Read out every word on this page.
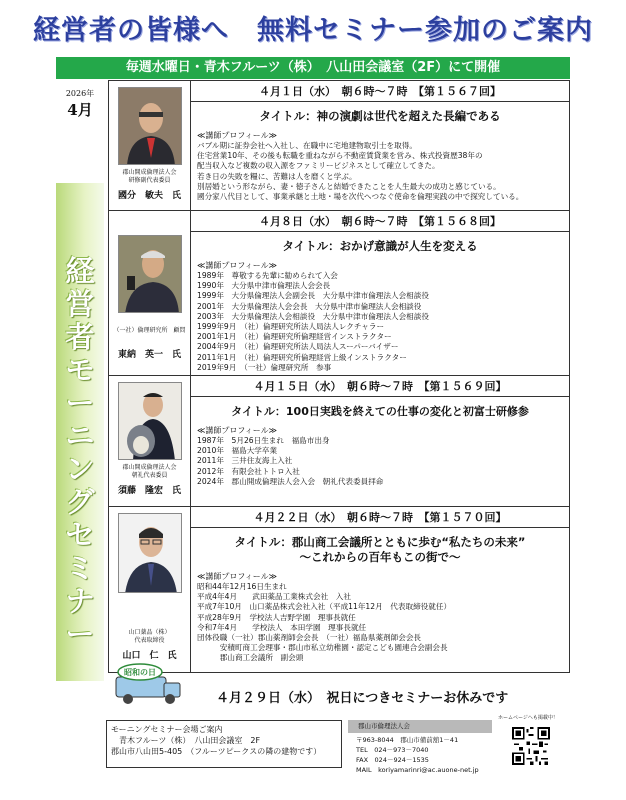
経営者の皆様へ　無料セミナー参加のご案内
毎週水曜日・青木フルーツ（株）　八山田会議室（2F）にて開催
2026年
4月
経
営
者
モ
ー
ニ
ン
グ
セ
ミ
ナ
ー
郡山開成倫理法人会
研修副代表委員
國分　敏夫　氏
４月１日（水）　朝６時～７時　【第１５６７回】
タイトル：神の演劇は世代を超えた長編である
≪講師プロフィール≫
バブル期に証券会社へ入社し、在職中に宅地建物取引士を取得。
住宅営業10年、その後も転職を重ねながら不動産賃貸業を営み、株式投資歴38年の
配当収入など複数の収入源をファミリービジネスとして確立してきた。
若き日の失敗を糧に、苦難は人を磨くと学ぶ。
別居婚という形ながら、妻・徳子さんと結婚できたことを人生最大の成功と感じている。
國分家八代目として、事業承継と土地・場を次代へつなぐ使命を倫理実践の中で探究している。
（一社）倫理研究所　顧問
東納　英一　氏
４月８日（水）　朝６時～７時　【第１５６８回】
タイトル：おかげ意識が人生を変える
≪講師プロフィール≫
1989年　尊敬する先輩に勧められて入会
1990年　大分県中津市倫理法人会会長
1999年　大分県倫理法人会副会長　大分県中津市倫理法人会相談役
2001年　大分県倫理法人会会長　大分県中津市倫理法人会相談役
2003年　大分県倫理法人会相談役　大分県中津市倫理法人会相談役
1999年9月　（社）倫理研究所法人局法人レクチャラー
2001年1月　（社）倫理研究所倫理経営インストラクター
2004年9月　（社）倫理研究所法人局法人スーパーバイザー
2011年1月　（社）倫理研究所倫理経営上級インストラクター
2019年9月　（一社）倫理研究所　参事
郡山開成倫理法人会
朝礼代表委員
須藤　隆宏　氏
４月１５日（水）　朝６時～７時　【第１５６９回】
タイトル：100日実践を終えての仕事の変化と初富士研修参
≪講師プロフィール≫
1987年　5月26日生まれ　福島市出身
2010年　福島大学卒業
2011年　三井住友海上入社
2012年　有限会社トトロ入社
2024年　郡山開成倫理法人会入会　朝礼代表委員拝命
山口薬品（株）
代表取締役
山口　仁　氏
４月２２日（水）　朝６時～７時　【第１５７０回】
タイトル：郡山商工会議所とともに歩む“私たちの未来”
～これからの百年もこの街で～
≪講師プロフィール≫
昭和44年12月16日生まれ
平成4年4月　　武田薬品工業株式会社　入社
平成7年10月　山口薬品株式会社入社（平成11年12月　代表取締役就任）
平成28年9月　学校法人吉野学園　理事長就任
令和7年4月　　学校法人　本田学園　理事長就任
団体役職（一社）郡山薬剤師会会長　（一社）福島県薬剤師会会長
　　　安積町商工会理事・郡山市私立幼稚園・認定こども園連合会副会長
　　　郡山商工会議所　副会頭
昭和の日
４月２９日（水）　祝日につきセミナーお休みです
モーニングセミナー会場ご案内
　青木フルーツ（株）　八山田会議室　2F
郡山市八山田5-405　（フルーツピークスの隣の建物です）
郡山市倫理法人会
〒963-8044　郡山市備前舘1－41
TEL　024－973－7040
FAX　024－924－1535
MAIL　koriyamarinri@ac.auone-net.jp
ホームページへも掲載中！
